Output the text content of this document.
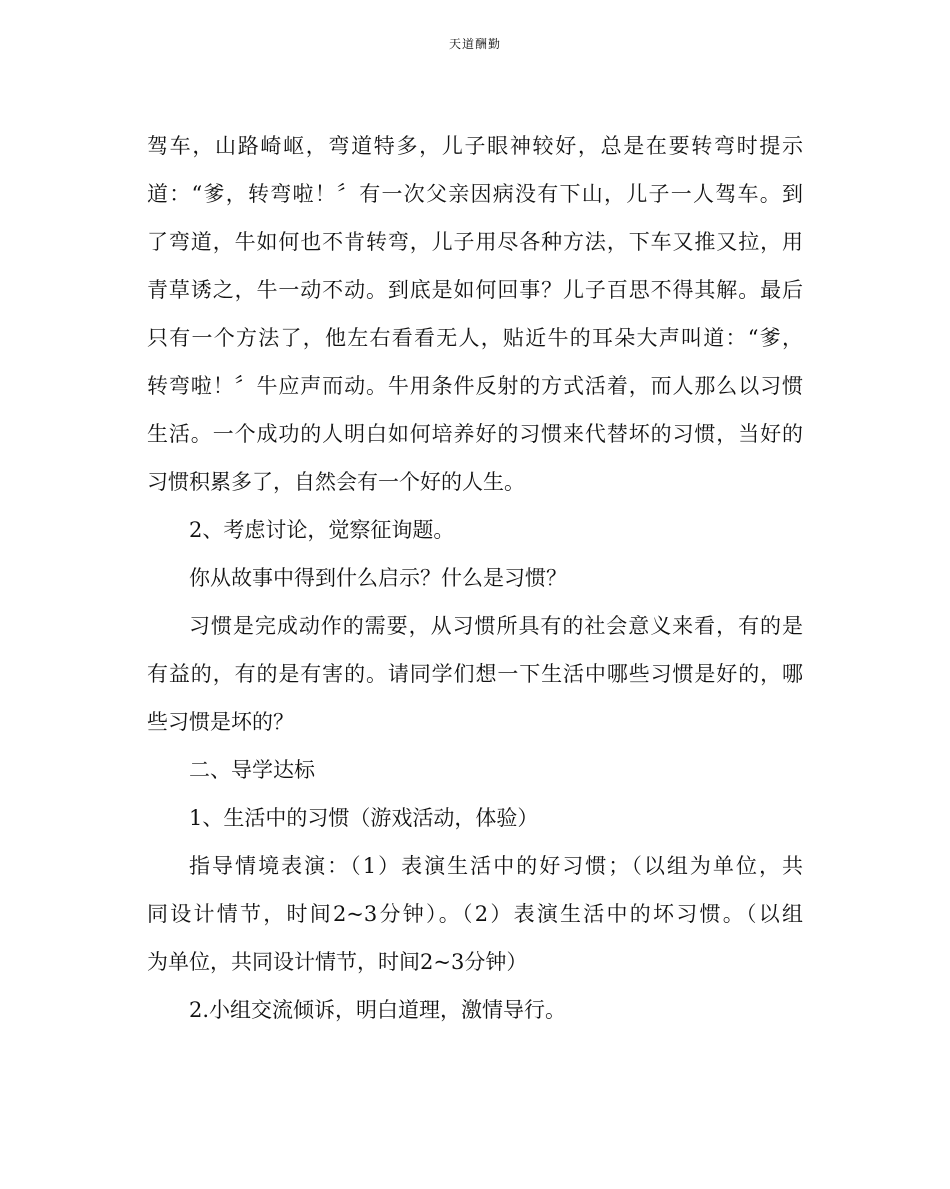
天道酬勤
驾车，山路崎岖，弯道特多，儿子眼神较好，总是在要转弯时提示
道：“爹，转弯啦！〞有一次父亲因病没有下山，儿子一人驾车。到
了弯道，牛如何也不肯转弯，儿子用尽各种方法，下车又推又拉，用
青草诱之，牛一动不动。到底是如何回事？儿子百思不得其解。最后
只有一个方法了，他左右看看无人，贴近牛的耳朵大声叫道：“爹，
转弯啦！〞牛应声而动。牛用条件反射的方式活着，而人那么以习惯
生活。一个成功的人明白如何培养好的习惯来代替坏的习惯，当好的
习惯积累多了，自然会有一个好的人生。
2、考虑讨论，觉察征询题。
你从故事中得到什么启示？什么是习惯？
习惯是完成动作的需要，从习惯所具有的社会意义来看，有的是
有益的，有的是有害的。请同学们想一下生活中哪些习惯是好的，哪
些习惯是坏的？
二、导学达标
1、生活中的习惯（游戏活动，体验）
指导情境表演：（1）表演生活中的好习惯；（以组为单位，共
同设计情节，时间2~3分钟）。（2）表演生活中的坏习惯。（以组
为单位，共同设计情节，时间2~3分钟）
2.小组交流倾诉，明白道理，激情导行。
